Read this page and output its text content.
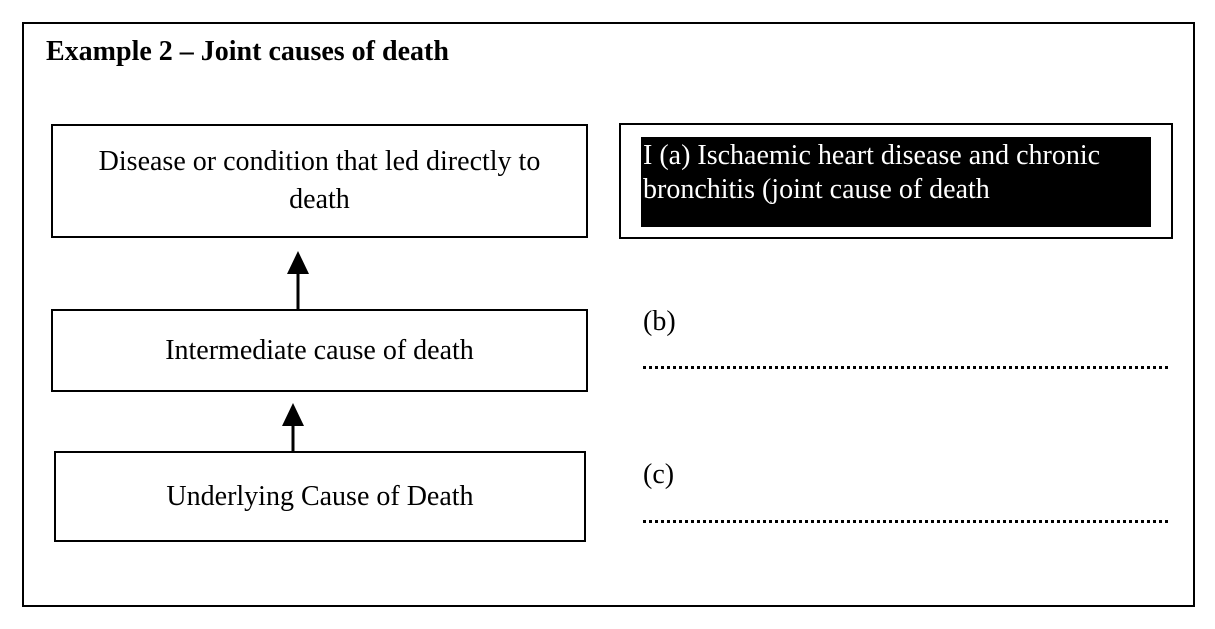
Example 2 – Joint causes of death
Disease or condition that led directly to death
Intermediate cause of death
Underlying Cause of Death
I (a) Ischaemic heart disease and chronic
bronchitis (joint cause of death
(b)
(c)
